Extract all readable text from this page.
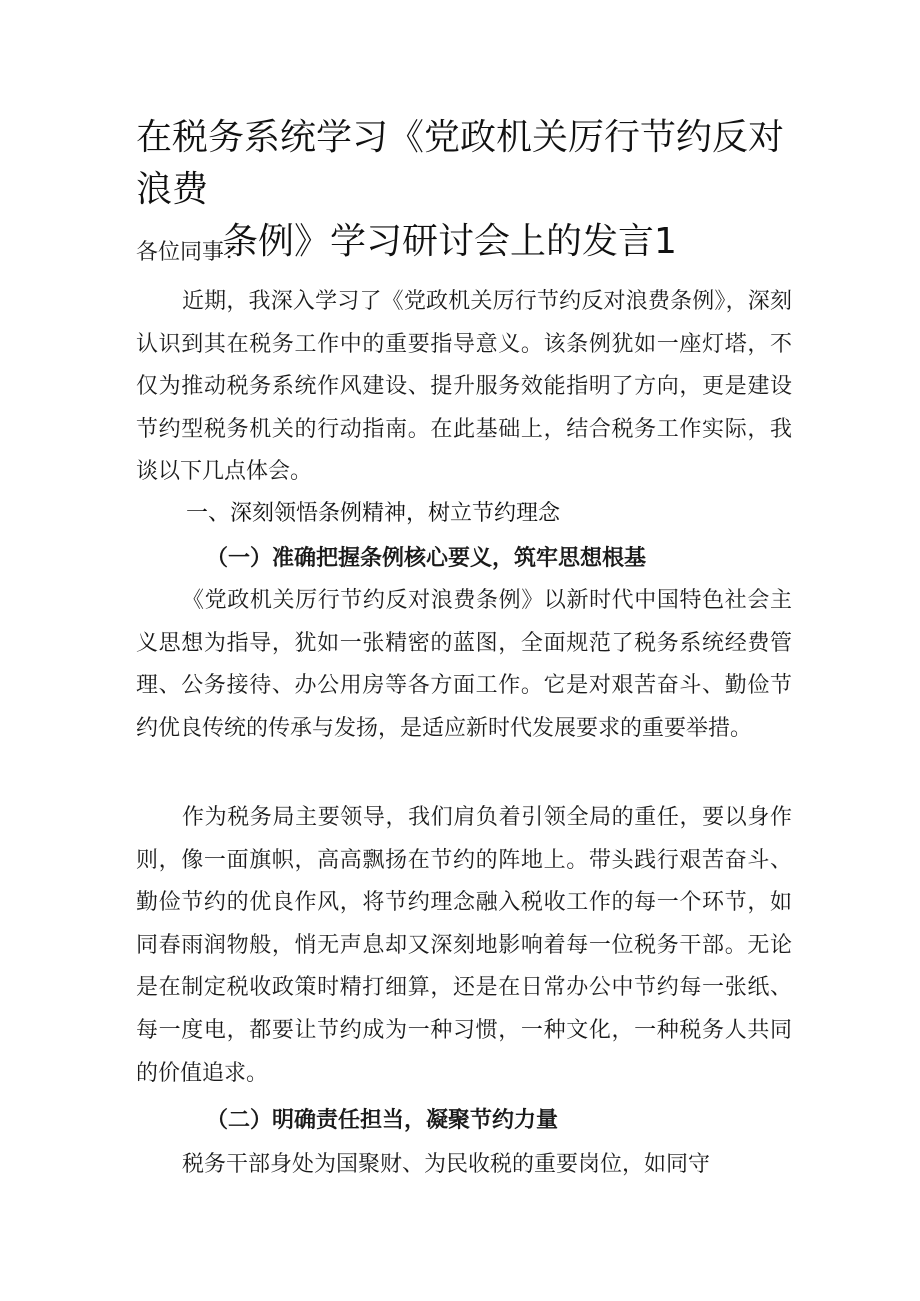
在税务系统学习《党政机关厉行节约反对浪费
条例》学习研讨会上的发言1

各位同事：

近期，我深入学习了《党政机关厉行节约反对浪费条例》，深刻认识到其在税务工作中的重要指导意义。该条例犹如一座灯塔，不仅为推动税务系统作风建设、提升服务效能指明了方向，更是建设节约型税务机关的行动指南。在此基础上，结合税务工作实际，我谈以下几点体会。

一、深刻领悟条例精神，树立节约理念
（一）准确把握条例核心要义，筑牢思想根基

《党政机关厉行节约反对浪费条例》以新时代中国特色社会主义思想为指导，犹如一张精密的蓝图，全面规范了税务系统经费管理、公务接待、办公用房等各方面工作。它是对艰苦奋斗、勤俭节约优良传统的传承与发扬，是适应新时代发展要求的重要举措。

作为税务局主要领导，我们肩负着引领全局的重任，要以身作则，像一面旗帜，高高飘扬在节约的阵地上。带头践行艰苦奋斗、勤俭节约的优良作风，将节约理念融入税收工作的每一个环节，如同春雨润物般，悄无声息却又深刻地影响着每一位税务干部。无论是在制定税收政策时精打细算，还是在日常办公中节约每一张纸、每一度电，都要让节约成为一种习惯，一种文化，一种税务人共同的价值追求。

（二）明确责任担当，凝聚节约力量

税务干部身处为国聚财、为民收税的重要岗位，如同守
